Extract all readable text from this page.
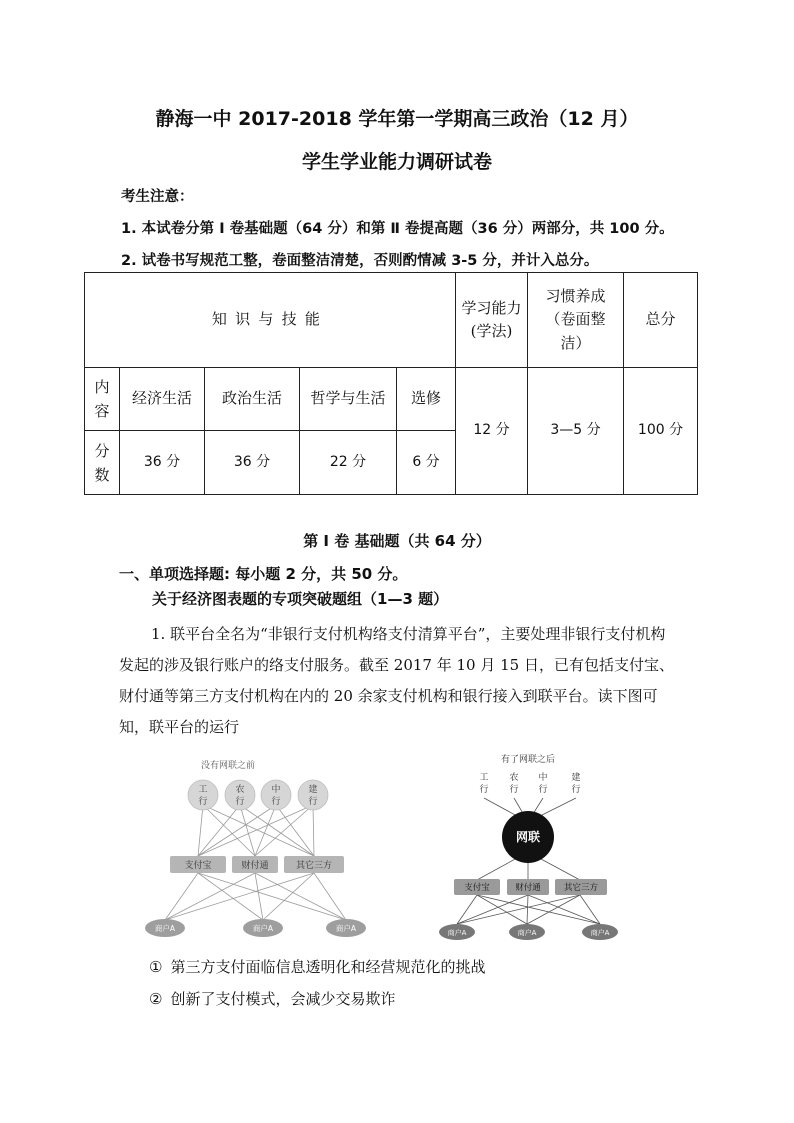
静海一中 2017-2018 学年第一学期高三政治（12 月）
学生学业能力调研试卷
考生注意：
1. 本试卷分第 Ⅰ 卷基础题（64 分）和第 Ⅱ 卷提高题（36 分）两部分，共 100 分。
2. 试卷书写规范工整，卷面整洁清楚，否则酌情减 3-5 分，并计入总分。
知识与技能					学习能力(学法)	习惯养成（卷面整洁）	总分

内容	经济生活	政治生活	哲学与生活	选修	12 分	3—5 分	100 分

分数	36 分	36 分	22 分	6 分			
第 Ⅰ 卷 基础题（共 64 分）
一、单项选择题: 每小题 2 分，共 50 分。
关于经济图表题的专项突破题组（1—3 题）
1. 联平台全名为“非银行支付机构络支付清算平台”，主要处理非银行支付机构发起的涉及银行账户的络支付服务。截至 2017 年 10 月 15 日，已有包括支付宝、财付通等第三方支付机构在内的 20 余家支付机构和银行接入到联平台。读下图可知，联平台的运行
没有网联之前
工
行
农
行
中
行
建
行
支付宝	财付通	其它三方
商户A	商户A	商户A
有了网联之后
工
行
农
行
中
行
建
行
网联
支付宝	财付通	其它三方
商户A	商户A	商户A
① 第三方支付面临信息透明化和经营规范化的挑战
② 创新了支付模式，会减少交易欺诈
